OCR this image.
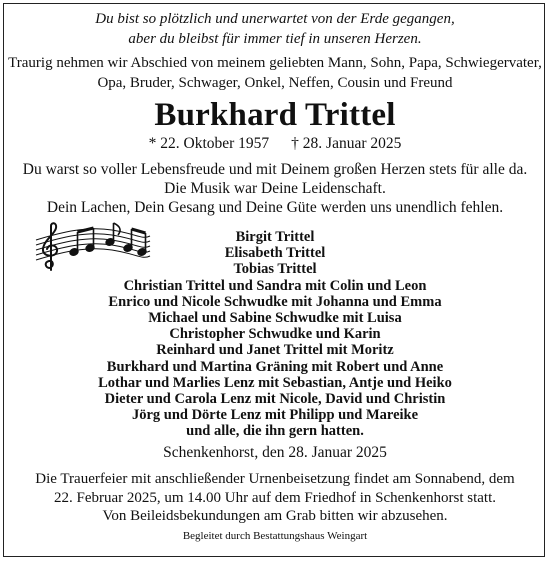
Du bist so plötzlich und unerwartet von der Erde gegangen,
aber du bleibst für immer tief in unseren Herzen.
Traurig nehmen wir Abschied von meinem geliebten Mann, Sohn, Papa, Schwiegervater,
Opa, Bruder, Schwager, Onkel, Neffen, Cousin und Freund
Burkhard Trittel
* 22. Oktober 1957 † 28. Januar 2025
Du warst so voller Lebensfreude und mit Deinem großen Herzen stets für alle da.
Die Musik war Deine Leidenschaft.
Dein Lachen, Dein Gesang und Deine Güte werden uns unendlich fehlen.
Birgit Trittel
Elisabeth Trittel
Tobias Trittel
Christian Trittel und Sandra mit Colin und Leon
Enrico und Nicole Schwudke mit Johanna und Emma
Michael und Sabine Schwudke mit Luisa
Christopher Schwudke und Karin
Reinhard und Janet Trittel mit Moritz
Burkhard und Martina Gräning mit Robert und Anne
Lothar und Marlies Lenz mit Sebastian, Antje und Heiko
Dieter und Carola Lenz mit Nicole, David und Christin
Jörg und Dörte Lenz mit Philipp und Mareike
und alle, die ihn gern hatten.
Schenkenhorst, den 28. Januar 2025
Die Trauerfeier mit anschließender Urnenbeisetzung findet am Sonnabend, dem
22. Februar 2025, um 14.00 Uhr auf dem Friedhof in Schenkenhorst statt.
Von Beileidsbekundungen am Grab bitten wir abzusehen.
Begleitet durch Bestattungshaus Weingart
